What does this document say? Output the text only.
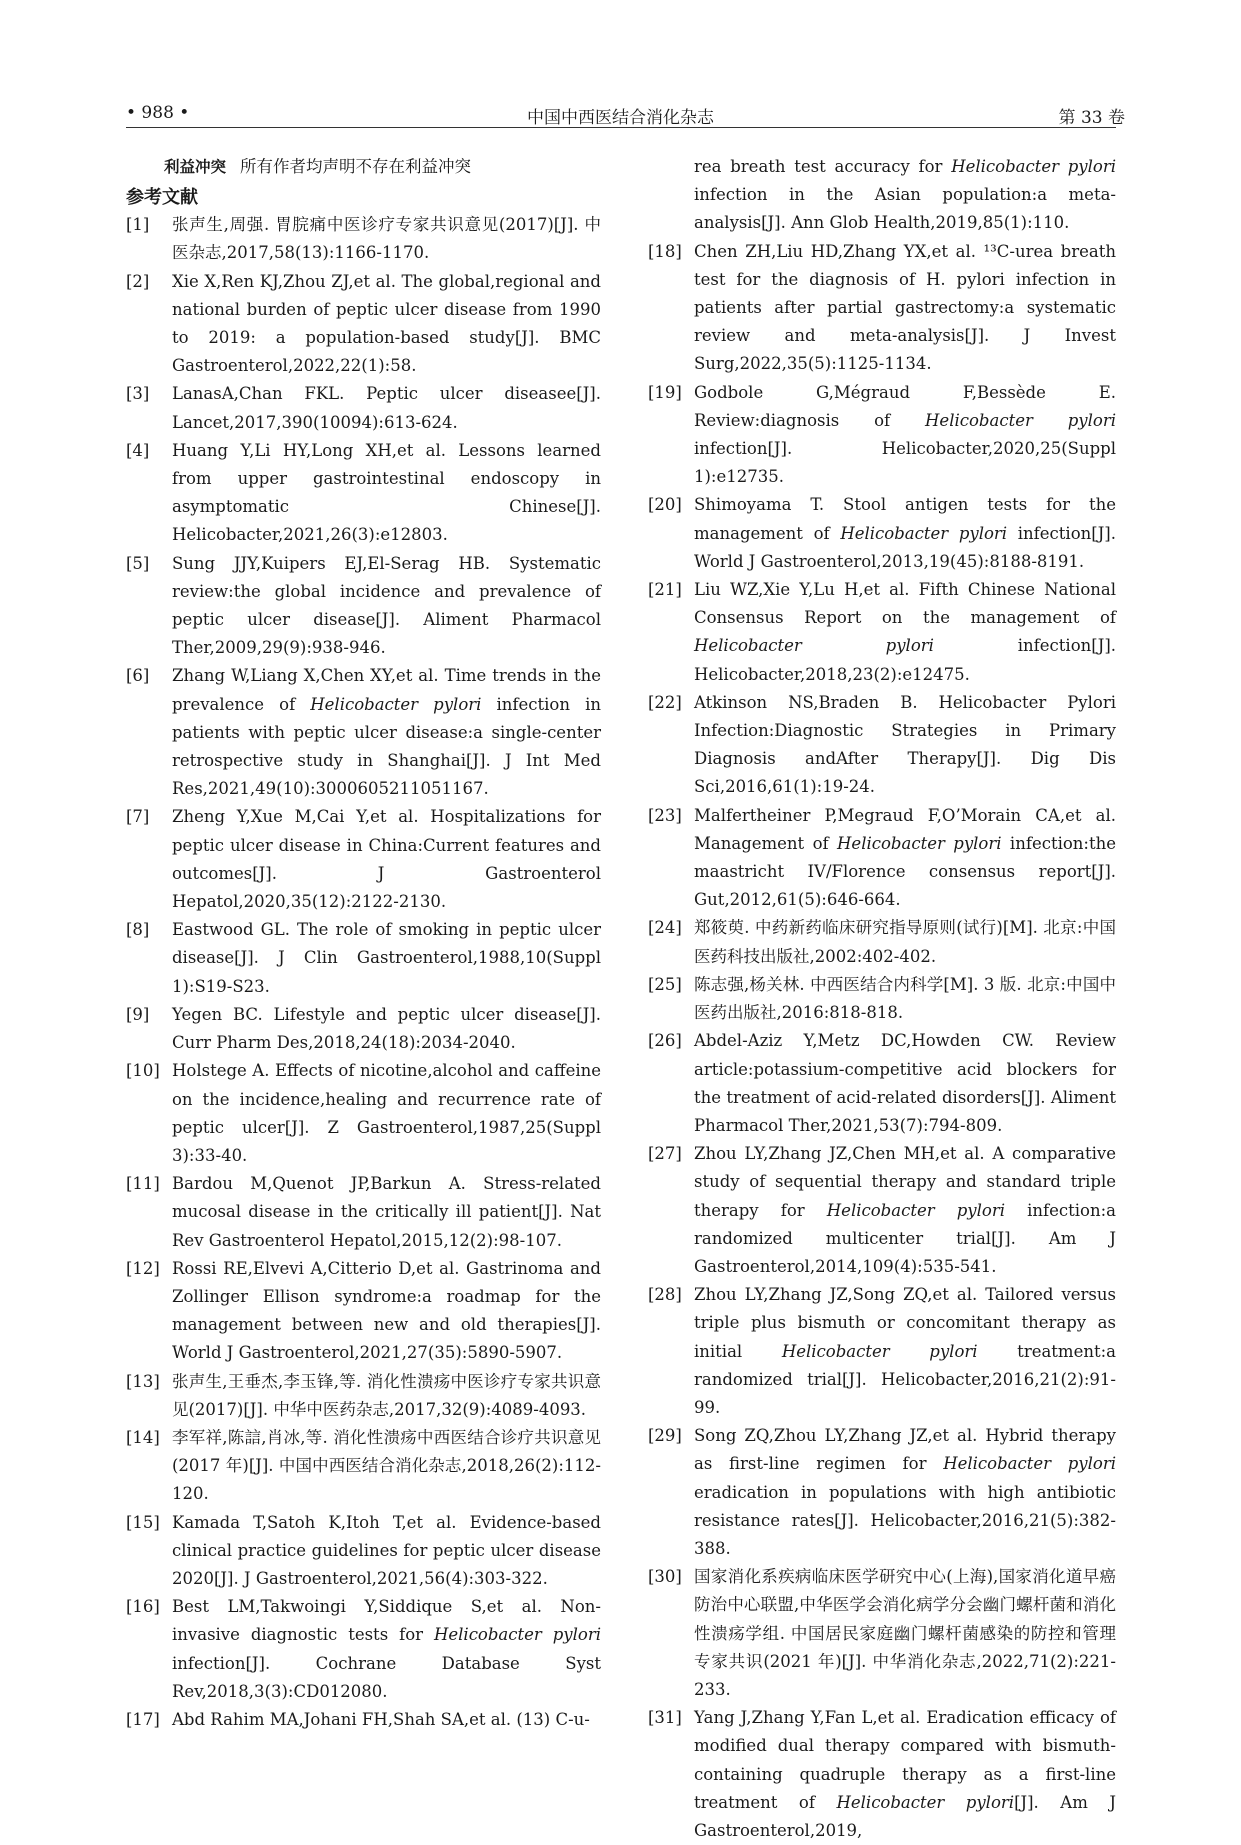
• 988 •	中国中西医结合消化杂志	第 33 卷
利益冲突 所有作者均声明不存在利益冲突
参考文献
[1] 张声生,周强. 胃脘痛中医诊疗专家共识意见(2017)[J]. 中医杂志,2017,58(13):1166-1170.
[2] Xie X,Ren KJ,Zhou ZJ,et al. The global,regional and national burden of peptic ulcer disease from 1990 to 2019: a population-based study[J]. BMC Gastroenterol,2022,22(1):58.
[3] LanasA,Chan FKL. Peptic ulcer diseasee[J]. Lancet,2017,390(10094):613-624.
[4] Huang Y,Li HY,Long XH,et al. Lessons learned from upper gastrointestinal endoscopy in asymptomatic Chinese[J]. Helicobacter,2021,26(3):e12803.
[5] Sung JJY,Kuipers EJ,El-Serag HB. Systematic review:the global incidence and prevalence of peptic ulcer disease[J]. Aliment Pharmacol Ther,2009,29(9):938-946.
[6] Zhang W,Liang X,Chen XY,et al. Time trends in the prevalence of Helicobacter pylori infection in patients with peptic ulcer disease:a single-center retrospective study in Shanghai[J]. J Int Med Res,2021,49(10):3000605211051167.
[7] Zheng Y,Xue M,Cai Y,et al. Hospitalizations for peptic ulcer disease in China:Current features and outcomes[J]. J Gastroenterol Hepatol,2020,35(12):2122-2130.
[8] Eastwood GL. The role of smoking in peptic ulcer disease[J]. J Clin Gastroenterol,1988,10(Suppl 1):S19-S23.
[9] Yegen BC. Lifestyle and peptic ulcer disease[J]. Curr Pharm Des,2018,24(18):2034-2040.
[10] Holstege A. Effects of nicotine,alcohol and caffeine on the incidence,healing and recurrence rate of peptic ulcer[J]. Z Gastroenterol,1987,25(Suppl 3):33-40.
[11] Bardou M,Quenot JP,Barkun A. Stress-related mucosal disease in the critically ill patient[J]. Nat Rev Gastroenterol Hepatol,2015,12(2):98-107.
[12] Rossi RE,Elvevi A,Citterio D,et al. Gastrinoma and Zollinger Ellison syndrome:a roadmap for the management between new and old therapies[J]. World J Gastroenterol,2021,27(35):5890-5907.
[13] 张声生,王垂杰,李玉锋,等. 消化性溃疡中医诊疗专家共识意见(2017)[J]. 中华中医药杂志,2017,32(9):4089-4093.
[14] 李军祥,陈誩,肖冰,等. 消化性溃疡中西医结合诊疗共识意见(2017 年)[J]. 中国中西医结合消化杂志,2018,26(2):112-120.
[15] Kamada T,Satoh K,Itoh T,et al. Evidence-based clinical practice guidelines for peptic ulcer disease 2020[J]. J Gastroenterol,2021,56(4):303-322.
[16] Best LM,Takwoingi Y,Siddique S,et al. Non-invasive diagnostic tests for Helicobacter pylori infection[J]. Cochrane Database Syst Rev,2018,3(3):CD012080.
[17] Abd Rahim MA,Johani FH,Shah SA,et al. (13) C-u-
rea breath test accuracy for Helicobacter pylori infection in the Asian population:a meta-analysis[J]. Ann Glob Health,2019,85(1):110.
[18] Chen ZH,Liu HD,Zhang YX,et al. ¹³C-urea breath test for the diagnosis of H. pylori infection in patients after partial gastrectomy:a systematic review and meta-analysis[J]. J Invest Surg,2022,35(5):1125-1134.
[19] Godbole G,Mégraud F,Bessède E. Review:diagnosis of Helicobacter pylori infection[J]. Helicobacter,2020,25(Suppl 1):e12735.
[20] Shimoyama T. Stool antigen tests for the management of Helicobacter pylori infection[J]. World J Gastroenterol,2013,19(45):8188-8191.
[21] Liu WZ,Xie Y,Lu H,et al. Fifth Chinese National Consensus Report on the management of Helicobacter pylori infection[J]. Helicobacter,2018,23(2):e12475.
[22] Atkinson NS,Braden B. Helicobacter Pylori Infection:Diagnostic Strategies in Primary Diagnosis andAfter Therapy[J]. Dig Dis Sci,2016,61(1):19-24.
[23] Malfertheiner P,Megraud F,O’Morain CA,et al. Management of Helicobacter pylori infection:the maastricht IV/Florence consensus report[J]. Gut,2012,61(5):646-664.
[24] 郑筱萸. 中药新药临床研究指导原则(试行)[M]. 北京:中国医药科技出版社,2002:402-402.
[25] 陈志强,杨关林. 中西医结合内科学[M]. 3 版. 北京:中国中医药出版社,2016:818-818.
[26] Abdel-Aziz Y,Metz DC,Howden CW. Review article:potassium-competitive acid blockers for the treatment of acid-related disorders[J]. Aliment Pharmacol Ther,2021,53(7):794-809.
[27] Zhou LY,Zhang JZ,Chen MH,et al. A comparative study of sequential therapy and standard triple therapy for Helicobacter pylori infection:a randomized multicenter trial[J]. Am J Gastroenterol,2014,109(4):535-541.
[28] Zhou LY,Zhang JZ,Song ZQ,et al. Tailored versus triple plus bismuth or concomitant therapy as initial Helicobacter pylori treatment:a randomized trial[J]. Helicobacter,2016,21(2):91-99.
[29] Song ZQ,Zhou LY,Zhang JZ,et al. Hybrid therapy as first-line regimen for Helicobacter pylori eradication in populations with high antibiotic resistance rates[J]. Helicobacter,2016,21(5):382-388.
[30] 国家消化系疾病临床医学研究中心(上海),国家消化道早癌防治中心联盟,中华医学会消化病学分会幽门螺杆菌和消化性溃疡学组. 中国居民家庭幽门螺杆菌感染的防控和管理专家共识(2021 年)[J]. 中华消化杂志,2022,71(2):221-233.
[31] Yang J,Zhang Y,Fan L,et al. Eradication efficacy of modified dual therapy compared with bismuth-containing quadruple therapy as a first-line treatment of Helicobacter pylori[J]. Am J Gastroenterol,2019,
